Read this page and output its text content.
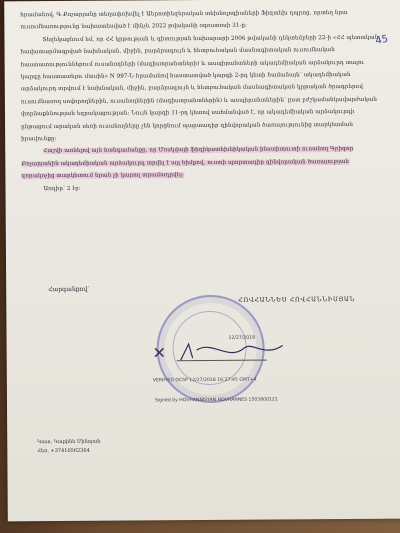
հրամանով, Գ.Քոչարյանը տեղափոխվել է Աերոտիեզերական տեխնոլոգիաների Ֆիզտեխ դպրոց, որտեղ նրա ուսումնառությունը նախատեսված է մինչև 2022 թվականի օգոստոսի 31-ը:

Տեղեկացնում եմ, որ ՀՀ կրթության և գիտության նախարարի 2006 թվականի դեկտեմբերի 22-ի «ՀՀ պետական հավատարմագրված նախնական, միջին, բարձրագույն և հետբուհական մասնագիտական ուսումնական հաստատություններում ուսանողների (մագիստրանտների) և ասպիրանտների ակադեմիական արձակուրդ տալու կարգը հաստատելու մասին» N 997-Ն հրամանով հաստատված կարգի 2-րդ կետի համաձայն՝ ակադեմիական արձակուրդ տրվում է նախնական, միջին, բարձրագույն և հետբուհական մասնագիտական կրթական ծրագրերով ուսումնառող սովորողներին, ուսանողներին (մագիստրանտներին) և ասպիրանտներին՝ ըստ բժշկամանկավարժական փորձաքննության եզրակացության: Նույն կարգի 11-րդ կետով սահմանված է, որ ակադեմիական արձակուրդի ընթացում արական սեռի ուսանողները չեն կորցնում պարտադիր զինվորական ծառայությունից տարկետման իրավունքը:

Հաշվի առնելով այն հանգամանքը, որ Մոսկվայի ֆիզիկատեխնիկական ինստիտուտի ուսանող Գրիգոր Քոչարյանին ակադեմիական արձակուրդ տրվել է այլ հիմքով, ուստի պարտադիր զինվորական ծառայության զորակոչից տարկետում նրան չի կարող տրամադրվել:

Առդիր՝ 2 էջ:

45
Հարգանքով՝
ՀՈՎՀԱՆՆԵՍ ՀՈՎՀԱՆՆԻՍՅԱՆ
✕
12/27/2018
VERIFIED OCSP 12/27/2018 16:27:45 GMT+4
Signed by HOVHANNISYAN HOVHANNES 1503800121
Կատ. Կարինե Մինոյան
Հեռ. +37410562364
